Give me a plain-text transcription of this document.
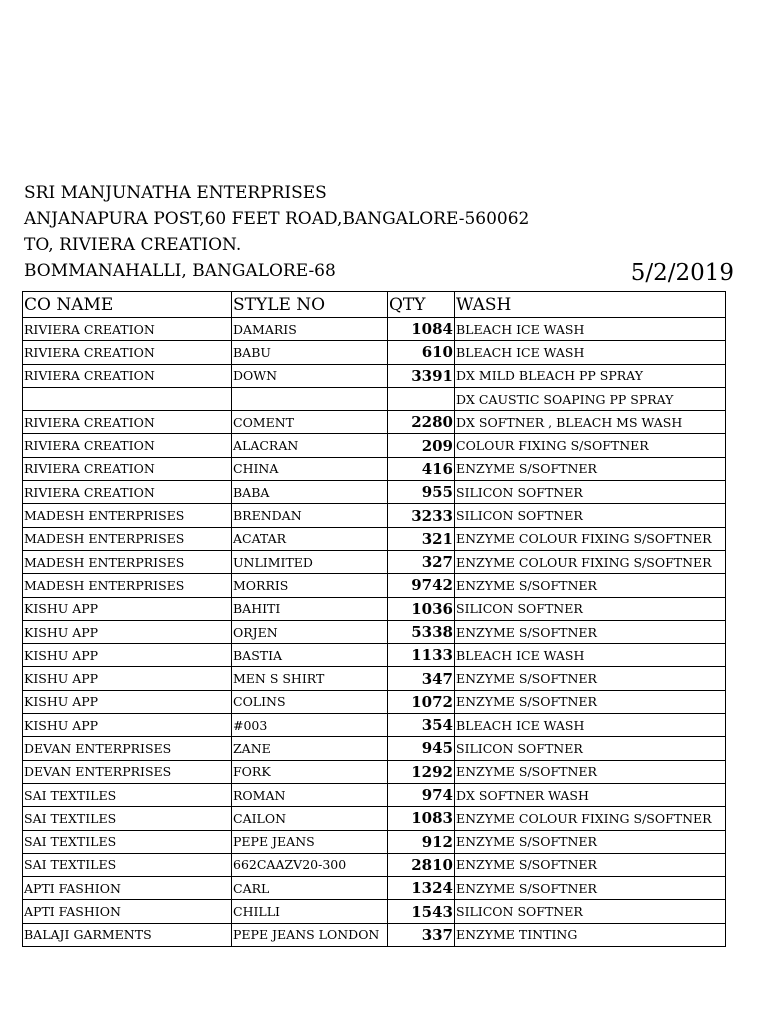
SRI MANJUNATHA ENTERPRISES
ANJANAPURA POST,60 FEET ROAD,BANGALORE-560062
TO, RIVIERA CREATION.
BOMMANAHALLI, BANGALORE-68	5/2/2019
CO NAME	STYLE NO	QTY	WASH
RIVIERA CREATION	DAMARIS	1084	BLEACH ICE WASH
RIVIERA CREATION	BABU	610	BLEACH ICE WASH
RIVIERA CREATION	DOWN	3391	DX MILD BLEACH PP SPRAY
			DX CAUSTIC SOAPING PP SPRAY
RIVIERA CREATION	COMENT	2280	DX SOFTNER , BLEACH MS WASH
RIVIERA CREATION	ALACRAN	209	COLOUR FIXING S/SOFTNER
RIVIERA CREATION	CHINA	416	ENZYME S/SOFTNER
RIVIERA CREATION	BABA	955	SILICON SOFTNER
MADESH ENTERPRISES	BRENDAN	3233	SILICON SOFTNER
MADESH ENTERPRISES	ACATAR	321	ENZYME COLOUR FIXING S/SOFTNER
MADESH ENTERPRISES	UNLIMITED	327	ENZYME COLOUR FIXING S/SOFTNER
MADESH ENTERPRISES	MORRIS	9742	ENZYME S/SOFTNER
KISHU APP	BAHITI	1036	SILICON SOFTNER
KISHU APP	ORJEN	5338	ENZYME S/SOFTNER
KISHU APP	BASTIA	1133	BLEACH ICE WASH
KISHU APP	MEN S SHIRT	347	ENZYME S/SOFTNER
KISHU APP	COLINS	1072	ENZYME S/SOFTNER
KISHU APP	#003	354	BLEACH ICE WASH
DEVAN ENTERPRISES	ZANE	945	SILICON SOFTNER
DEVAN ENTERPRISES	FORK	1292	ENZYME S/SOFTNER
SAI TEXTILES	ROMAN	974	DX SOFTNER WASH
SAI TEXTILES	CAILON	1083	ENZYME COLOUR FIXING S/SOFTNER
SAI TEXTILES	PEPE JEANS	912	ENZYME S/SOFTNER
SAI TEXTILES	662CAAZV20-300	2810	ENZYME S/SOFTNER
APTI FASHION	CARL	1324	ENZYME S/SOFTNER
APTI FASHION	CHILLI	1543	SILICON SOFTNER
BALAJI GARMENTS	PEPE JEANS LONDON	337	ENZYME TINTING
